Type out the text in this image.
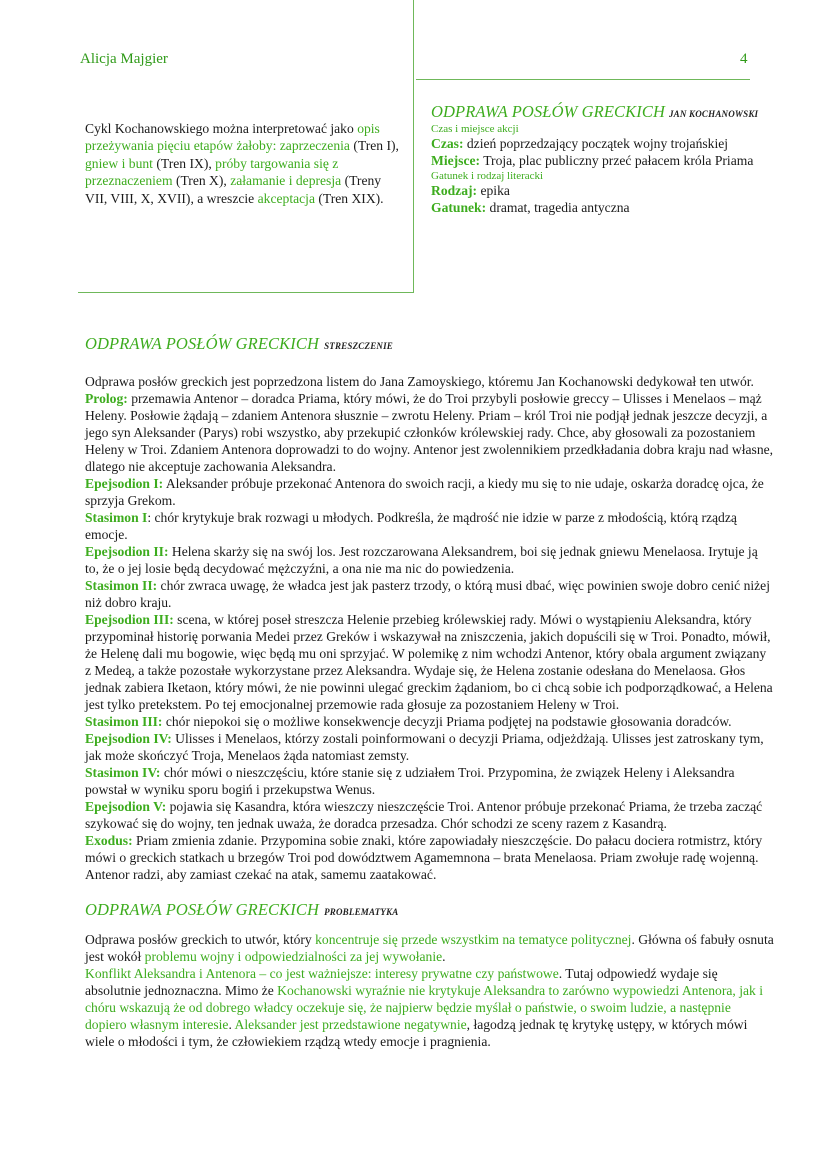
Alicja Majgier	4
Cykl Kochanowskiego można interpretować jako opis przeżywania pięciu etapów żałoby: zaprzeczenia (Tren I), gniew i bunt (Tren IX), próby targowania się z przeznaczeniem (Tren X), załamanie i depresja (Treny VII, VIII, X, XVII), a wreszcie akceptacja (Tren XIX).
ODPRAWA POSŁÓW GRECKICH JAN KOCHANOWSKI
Czas i miejsce akcji
Czas: dzień poprzedzający początek wojny trojańskiej
Miejsce: Troja, plac publiczny przeć pałacem króla Priama
Gatunek i rodzaj literacki
Rodzaj: epika
Gatunek: dramat, tragedia antyczna
ODPRAWA POSŁÓW GRECKICH STRESZCZENIE

Odprawa posłów greckich jest poprzedzona listem do Jana Zamoyskiego, któremu Jan Kochanowski dedykował ten utwór.

Prolog: przemawia Antenor – doradca Priama, który mówi, że do Troi przybyli posłowie greccy – Ulisses i Menelaos – mąż Heleny. Posłowie żądają – zdaniem Antenora słusznie – zwrotu Heleny. Priam – król Troi nie podjął jednak jeszcze decyzji, a jego syn Aleksander (Parys) robi wszystko, aby przekupić członków królewskiej rady. Chce, aby głosowali za pozostaniem Heleny w Troi. Zdaniem Antenora doprowadzi to do wojny. Antenor jest zwolennikiem przedkładania dobra kraju nad własne, dlatego nie akceptuje zachowania Aleksandra.

Epejsodion I: Aleksander próbuje przekonać Antenora do swoich racji, a kiedy mu się to nie udaje, oskarża doradcę ojca, że sprzyja Grekom.

Stasimon I: chór krytykuje brak rozwagi u młodych. Podkreśla, że mądrość nie idzie w parze z młodością, którą rządzą emocje.

Epejsodion II: Helena skarży się na swój los. Jest rozczarowana Aleksandrem, boi się jednak gniewu Menelaosa. Irytuje ją to, że o jej losie będą decydować mężczyźni, a ona nie ma nic do powiedzenia.

Stasimon II: chór zwraca uwagę, że władca jest jak pasterz trzody, o którą musi dbać, więc powinien swoje dobro cenić niżej niż dobro kraju.

Epejsodion III: scena, w której poseł streszcza Helenie przebieg królewskiej rady. Mówi o wystąpieniu Aleksandra, który przypominał historię porwania Medei przez Greków i wskazywał na zniszczenia, jakich dopuścili się w Troi. Ponadto, mówił, że Helenę dali mu bogowie, więc będą mu oni sprzyjać. W polemikę z nim wchodzi Antenor, który obala argument związany z Medeą, a także pozostałe wykorzystane przez Aleksandra. Wydaje się, że Helena zostanie odesłana do Menelaosa. Głos jednak zabiera Iketaon, który mówi, że nie powinni ulegać greckim żądaniom, bo ci chcą sobie ich podporządkować, a Helena jest tylko pretekstem. Po tej emocjonalnej przemowie rada głosuje za pozostaniem Heleny w Troi.

Stasimon III: chór niepokoi się o możliwe konsekwencje decyzji Priama podjętej na podstawie głosowania doradców.

Epejsodion IV: Ulisses i Menelaos, którzy zostali poinformowani o decyzji Priama, odjeżdżają. Ulisses jest zatroskany tym, jak może skończyć Troja, Menelaos żąda natomiast zemsty.

Stasimon IV: chór mówi o nieszczęściu, które stanie się z udziałem Troi. Przypomina, że związek Heleny i Aleksandra powstał w wyniku sporu bogiń i przekupstwa Wenus.

Epejsodion V: pojawia się Kasandra, która wieszczy nieszczęście Troi. Antenor próbuje przekonać Priama, że trzeba zacząć szykować się do wojny, ten jednak uważa, że doradca przesadza. Chór schodzi ze sceny razem z Kasandrą.

Exodus: Priam zmienia zdanie. Przypomina sobie znaki, które zapowiadały nieszczęście. Do pałacu dociera rotmistrz, który mówi o greckich statkach u brzegów Troi pod dowództwem Agamemnona – brata Menelaosa. Priam zwołuje radę wojenną. Antenor radzi, aby zamiast czekać na atak, samemu zaatakować.

ODPRAWA POSŁÓW GRECKICH PROBLEMATYKA

Odprawa posłów greckich to utwór, który koncentruje się przede wszystkim na tematyce politycznej. Główna oś fabuły osnuta jest wokół problemu wojny i odpowiedzialności za jej wywołanie.

Konflikt Aleksandra i Antenora – co jest ważniejsze: interesy prywatne czy państwowe. Tutaj odpowiedź wydaje się absolutnie jednoznaczna. Mimo że Kochanowski wyraźnie nie krytykuje Aleksandra to zarówno wypowiedzi Antenora, jak i chóru wskazują że od dobrego władcy oczekuje się, że najpierw będzie myślał o państwie, o swoim ludzie, a następnie dopiero własnym interesie. Aleksander jest przedstawione negatywnie, łagodzą jednak tę krytykę ustępy, w których mówi wiele o młodości i tym, że człowiekiem rządzą wtedy emocje i pragnienia.
